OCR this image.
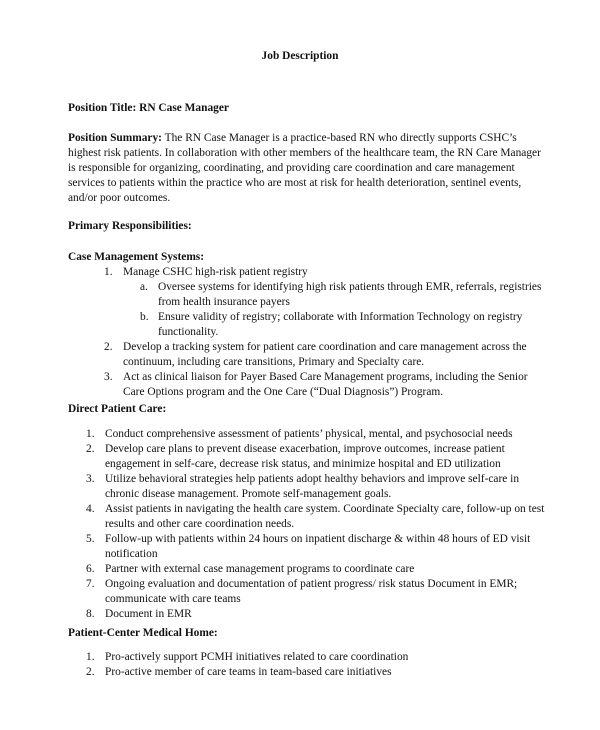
Job Description
Position Title: RN Case Manager

Position Summary: The RN Case Manager is a practice-based RN who directly supports CSHC’s highest risk patients. In collaboration with other members of the healthcare team, the RN Care Manager is responsible for organizing, coordinating, and providing care coordination and care management services to patients within the practice who are most at risk for health deterioration, sentinel events, and/or poor outcomes.

Primary Responsibilities:
Case Management Systems:
1. Manage CSHC high-risk patient registry
a. Oversee systems for identifying high risk patients through EMR, referrals, registries from health insurance payers
b. Ensure validity of registry; collaborate with Information Technology on registry functionality.
2. Develop a tracking system for patient care coordination and care management across the continuum, including care transitions, Primary and Specialty care.
3. Act as clinical liaison for Payer Based Care Management programs, including the Senior Care Options program and the One Care (“Dual Diagnosis”) Program.
Direct Patient Care:
1. Conduct comprehensive assessment of patients’ physical, mental, and psychosocial needs
2. Develop care plans to prevent disease exacerbation, improve outcomes, increase patient engagement in self-care, decrease risk status, and minimize hospital and ED utilization
3. Utilize behavioral strategies help patients adopt healthy behaviors and improve self-care in chronic disease management. Promote self-management goals.
4. Assist patients in navigating the health care system. Coordinate Specialty care, follow-up on test results and other care coordination needs.
5. Follow-up with patients within 24 hours on inpatient discharge & within 48 hours of ED visit notification
6. Partner with external case management programs to coordinate care
7. Ongoing evaluation and documentation of patient progress/ risk status Document in EMR; communicate with care teams
8. Document in EMR
Patient-Center Medical Home:
1. Pro-actively support PCMH initiatives related to care coordination
2. Pro-active member of care teams in team-based care initiatives
